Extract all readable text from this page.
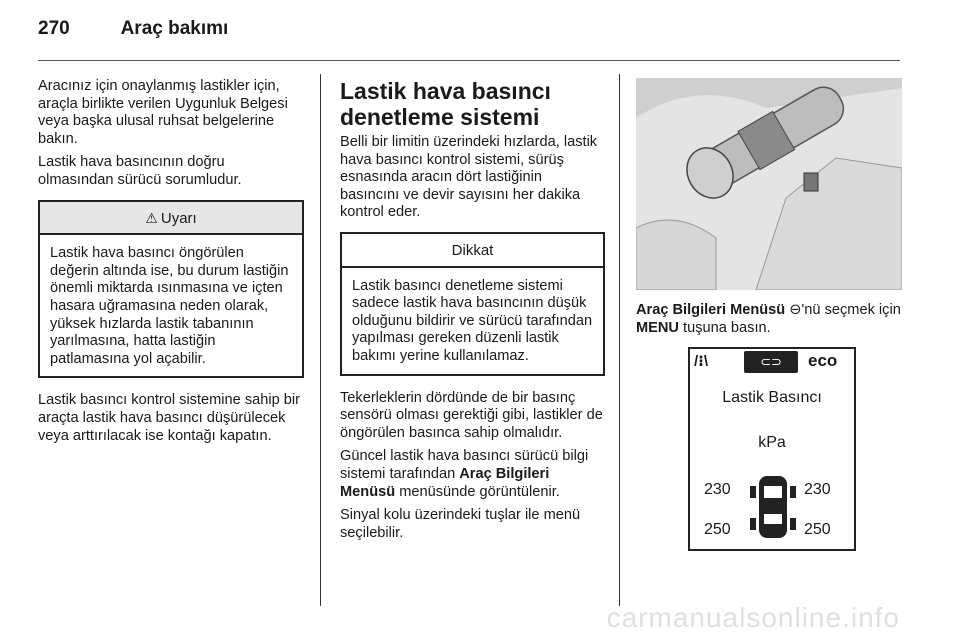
270	Araç bakımı

Aracınız için onaylanmış lastikler için, araçla birlikte verilen Uygunluk Belgesi veya başka ulusal ruhsat belgelerine bakın.

Lastik hava basıncının doğru olmasından sürücü sorumludur.

⚠ Uyarı
Lastik hava basıncı öngörülen değerin altında ise, bu durum lastiğin önemli miktarda ısınmasına ve içten hasara uğramasına neden olarak, yüksek hızlarda lastik tabanının yarılmasına, hatta lastiğin patlamasına yol açabilir.

Lastik basıncı kontrol sistemine sahip bir araçta lastik hava basıncı düşürülecek veya arttırılacak ise kontağı kapatın.

Lastik hava basıncı denetleme sistemi

Belli bir limitin üzerindeki hızlarda, lastik hava basıncı kontrol sistemi, sürüş esnasında aracın dört lastiğinin basıncını ve devir sayısını her dakika kontrol eder.

Dikkat
Lastik basıncı denetleme sistemi sadece lastik hava basıncının düşük olduğunu bildirir ve sürücü tarafından yapılması gereken düzenli lastik bakımı yerine kullanılamaz.

Tekerleklerin dördünde de bir basınç sensörü olması gerektiği gibi, lastikler de öngörülen basınca sahip olmalıdır.

Güncel lastik hava basıncı sürücü bilgi sistemi tarafından Araç Bilgileri Menüsü menüsünde görüntülenir.

Sinyal kolu üzerindeki tuşlar ile menü seçilebilir.

Araç Bilgileri Menüsü ⊖'nü seçmek için MENU tuşuna basın.

/⁝\	⊂⊃	eco
Lastik Basıncı
kPa
230	230
250	250
carmanualsonline.info
